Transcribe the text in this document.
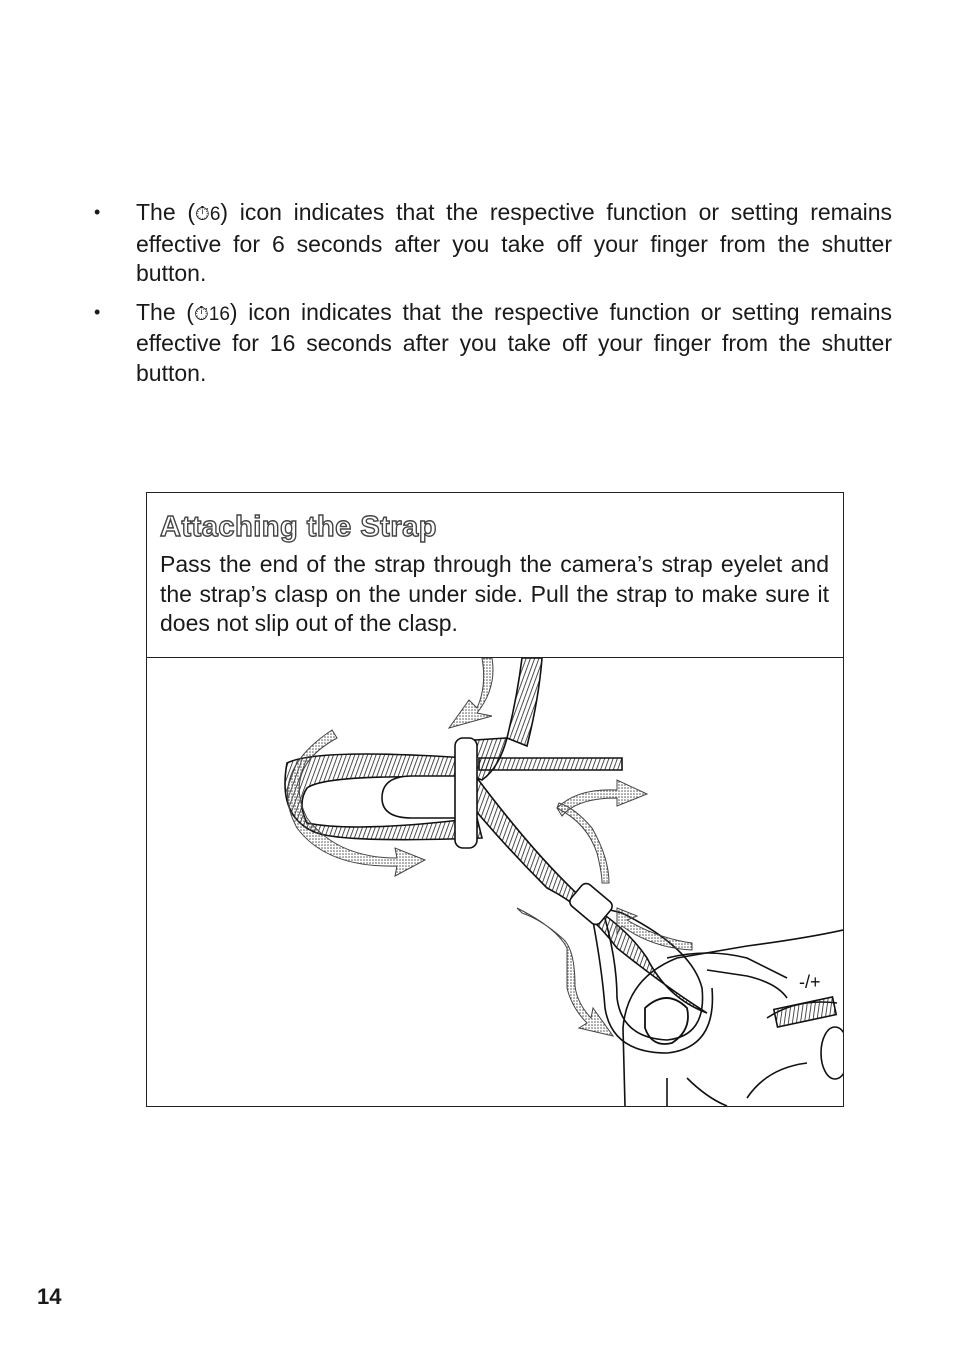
• The (⏱6) icon indicates that the respective function or setting remains effective for 6 seconds after you take off your finger from the shutter button.
• The (⏱16) icon indicates that the respective function or setting remains effective for 16 seconds after you take off your finger from the shutter button.
Attaching the Strap
Pass the end of the strap through the camera’s strap eyelet and the strap’s clasp on the under side. Pull the strap to make sure it does not slip out of the clasp.
-/+
14
